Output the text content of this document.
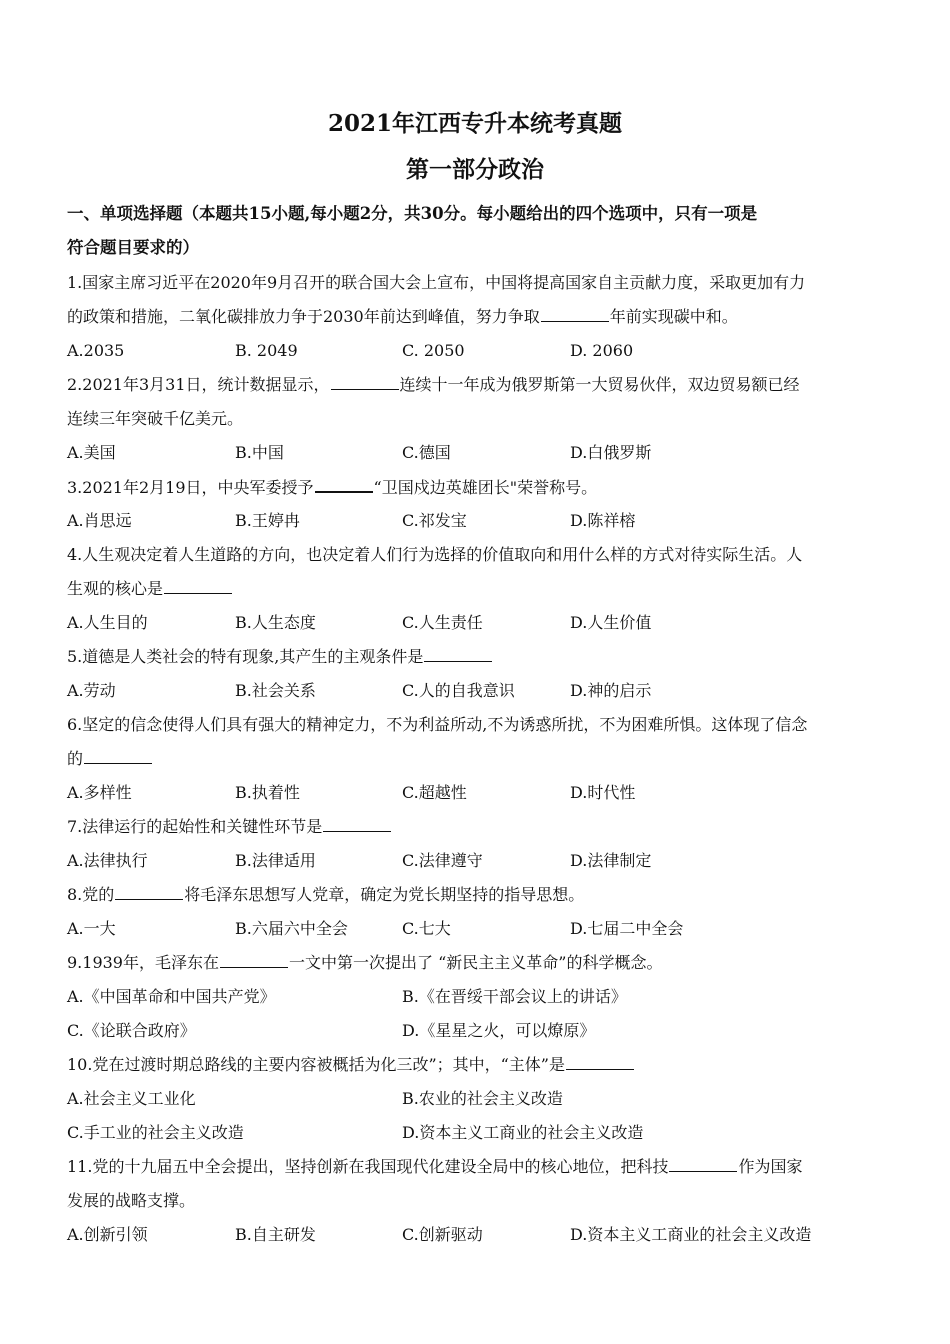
2021年江西专升本统考真题
第一部分政治
一、单项选择题（本题共15小题,每小题2分，共30分。每小题给出的四个选项中，只有一项是
符合题目要求的）
1.国家主席习近平在2020年9月召开的联合国大会上宣布，中国将提高国家自主贡献力度，采取更加有力
的政策和措施，二氧化碳排放力争于2030年前达到峰值，努力争取	年前实现碳中和。
A.2035	B. 2049	C. 2050	D. 2060
2.2021年3月31日，统计数据显示，	连续十一年成为俄罗斯第一大贸易伙伴，双边贸易额已经
连续三年突破千亿美元。
A.美国	B.中国	C.德国	D.白俄罗斯
3.2021年2月19日，中央军委授予	“卫国戍边英雄团长"荣誉称号。
A.肖思远	B.王婷冉	C.祁发宝	D.陈祥榕
4.人生观决定着人生道路的方向，也决定着人们行为选择的价值取向和用什么样的方式对待实际生活。人
生观的核心是
A.人生目的	B.人生态度	C.人生责任	D.人生价值
5.道德是人类社会的特有现象,其产生的主观条件是
A.劳动	B.社会关系	C.人的自我意识	D.神的启示
6.坚定的信念使得人们具有强大的精神定力，不为利益所动,不为诱惑所扰，不为困难所惧。这体现了信念
的
A.多样性	B.执着性	C.超越性	D.时代性
7.法律运行的起始性和关键性环节是
A.法律执行	B.法律适用	C.法律遵守	D.法律制定
8.党的	将毛泽东思想写人党章，确定为党长期坚持的指导思想。
A.一大	B.六届六中全会	C.七大	D.七届二中全会
9.1939年，毛泽东在	一文中第一次提出了 “新民主主义革命”的科学概念。
A.《中国革命和中国共产党》	B.《在晋绥干部会议上的讲话》
C.《论联合政府》	D.《星星之火，可以燎原》
10.党在过渡时期总路线的主要内容被概括为化三改”；其中，“主体”是
A.社会主义工业化	B.农业的社会主义改造
C.手工业的社会主义改造	D.资本主义工商业的社会主义改造
11.党的十九届五中全会提出，坚持创新在我国现代化建设全局中的核心地位，把科技	作为国家
发展的战略支撑。
A.创新引领	B.自主研发	C.创新驱动	D.资本主义工商业的社会主义改造
